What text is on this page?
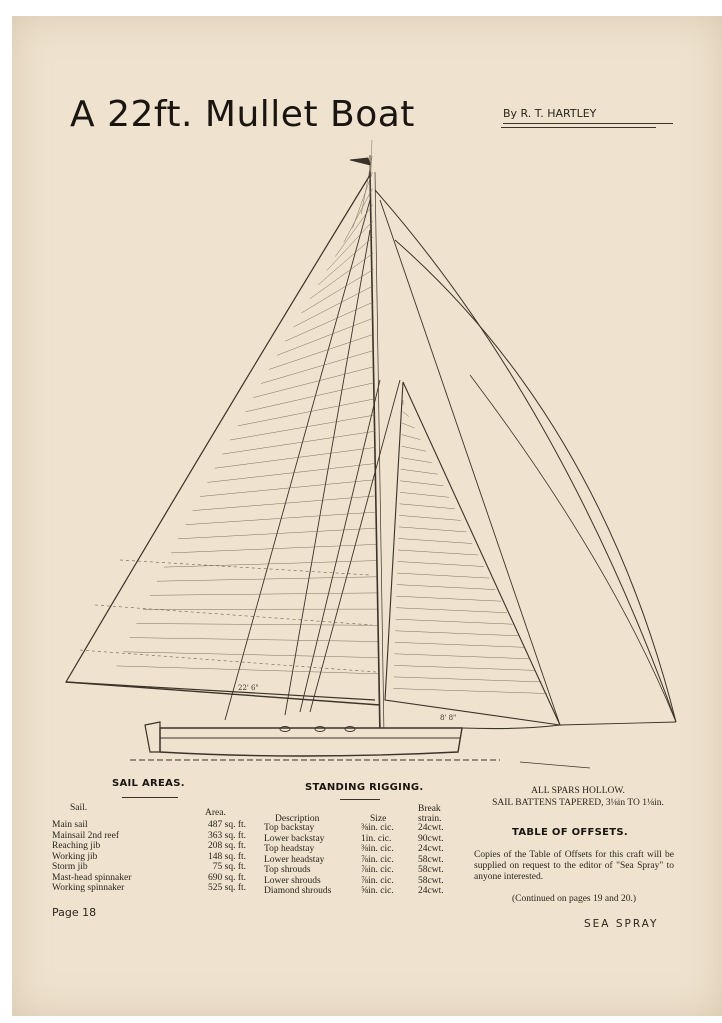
A 22ft. Mullet Boat	By R. T. HARTLEY
22' 6"
8' 8"
SAIL AREAS.
Sail.	Area.
Main sail	487 sq. ft.
Mainsail 2nd reef	363 sq. ft.
Reaching jib	208 sq. ft.
Working jib	148 sq. ft.
Storm jib	75 sq. ft.
Mast-head spinnaker	690 sq. ft.
Working spinnaker	525 sq. ft.
STANDING RIGGING.
Break
Description	Size	strain.
Top backstay	⅜in. cic.	24cwt.
Lower backstay	1in. cic.	90cwt.
Top headstay	⅜in. cic.	24cwt.
Lower headstay	⅞in. cic.	58cwt.
Top shrouds	⅞in. cic.	58cwt.
Lower shrouds	⅞in. cic.	58cwt.
Diamond shrouds	⅝in. cic.	24cwt.
ALL SPARS HOLLOW.
SAIL BATTENS TAPERED, 3⅛in TO 1⅛in.
TABLE OF OFFSETS.
Copies of the Table of Offsets for this craft will be supplied on request to the editor of "Sea Spray" to anyone interested.
(Continued on pages 19 and 20.)
Page 18
SEA SPRAY
